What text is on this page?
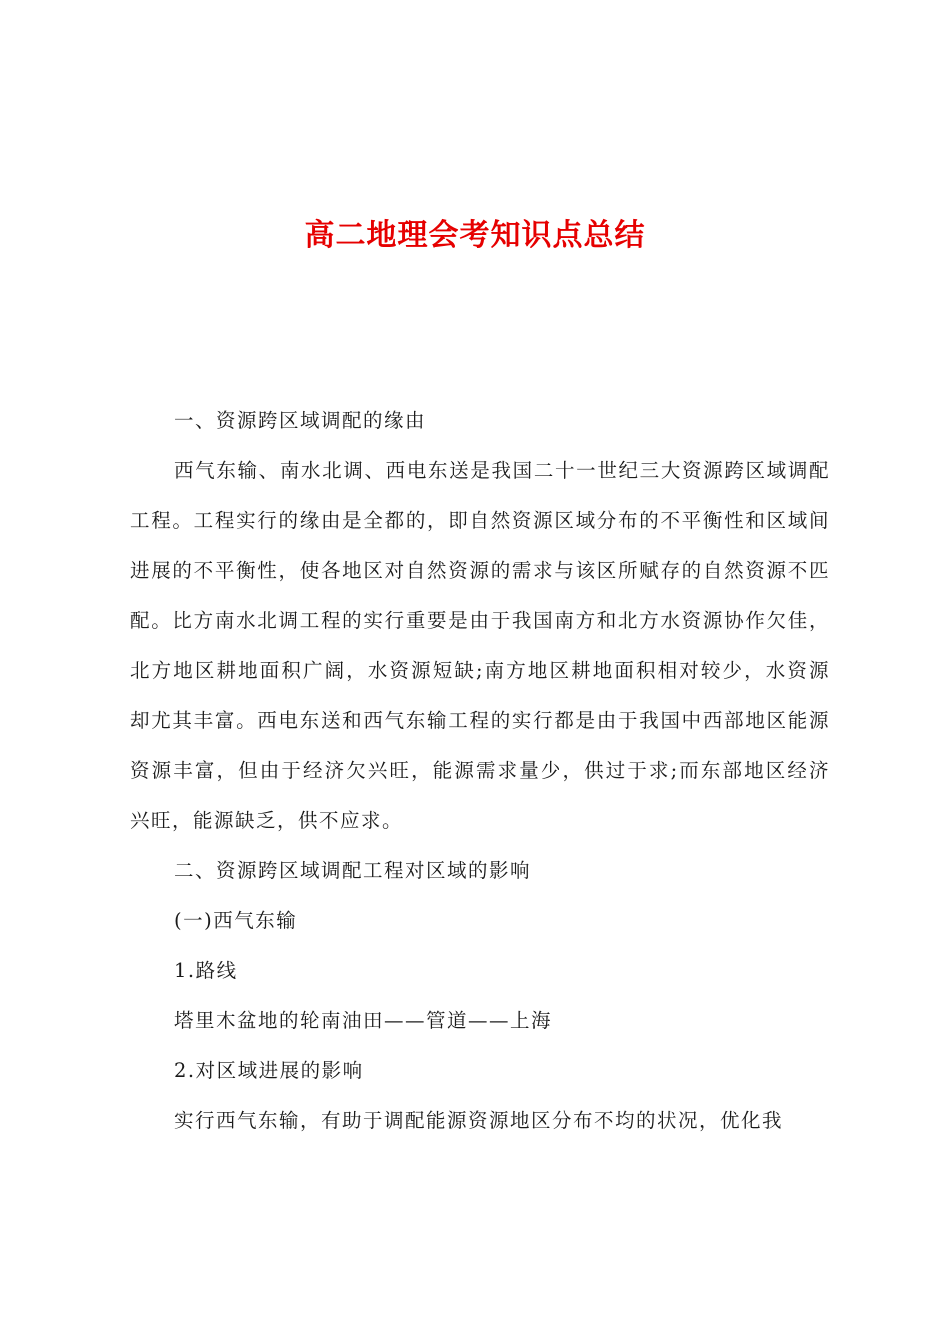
高二地理会考知识点总结

一、资源跨区域调配的缘由

西气东输、南水北调、西电东送是我国二十一世纪三大资源跨区域调配工程。工程实行的缘由是全都的，即自然资源区域分布的不平衡性和区域间进展的不平衡性，使各地区对自然资源的需求与该区所赋存的自然资源不匹配。比方南水北调工程的实行重要是由于我国南方和北方水资源协作欠佳，北方地区耕地面积广阔，水资源短缺;南方地区耕地面积相对较少，水资源却尤其丰富。西电东送和西气东输工程的实行都是由于我国中西部地区能源资源丰富，但由于经济欠兴旺，能源需求量少，供过于求;而东部地区经济兴旺，能源缺乏，供不应求。

二、资源跨区域调配工程对区域的影响

(一)西气东输

1.路线

塔里木盆地的轮南油田——管道——上海

2.对区域进展的影响

实行西气东输，有助于调配能源资源地区分布不均的状况，优化我
